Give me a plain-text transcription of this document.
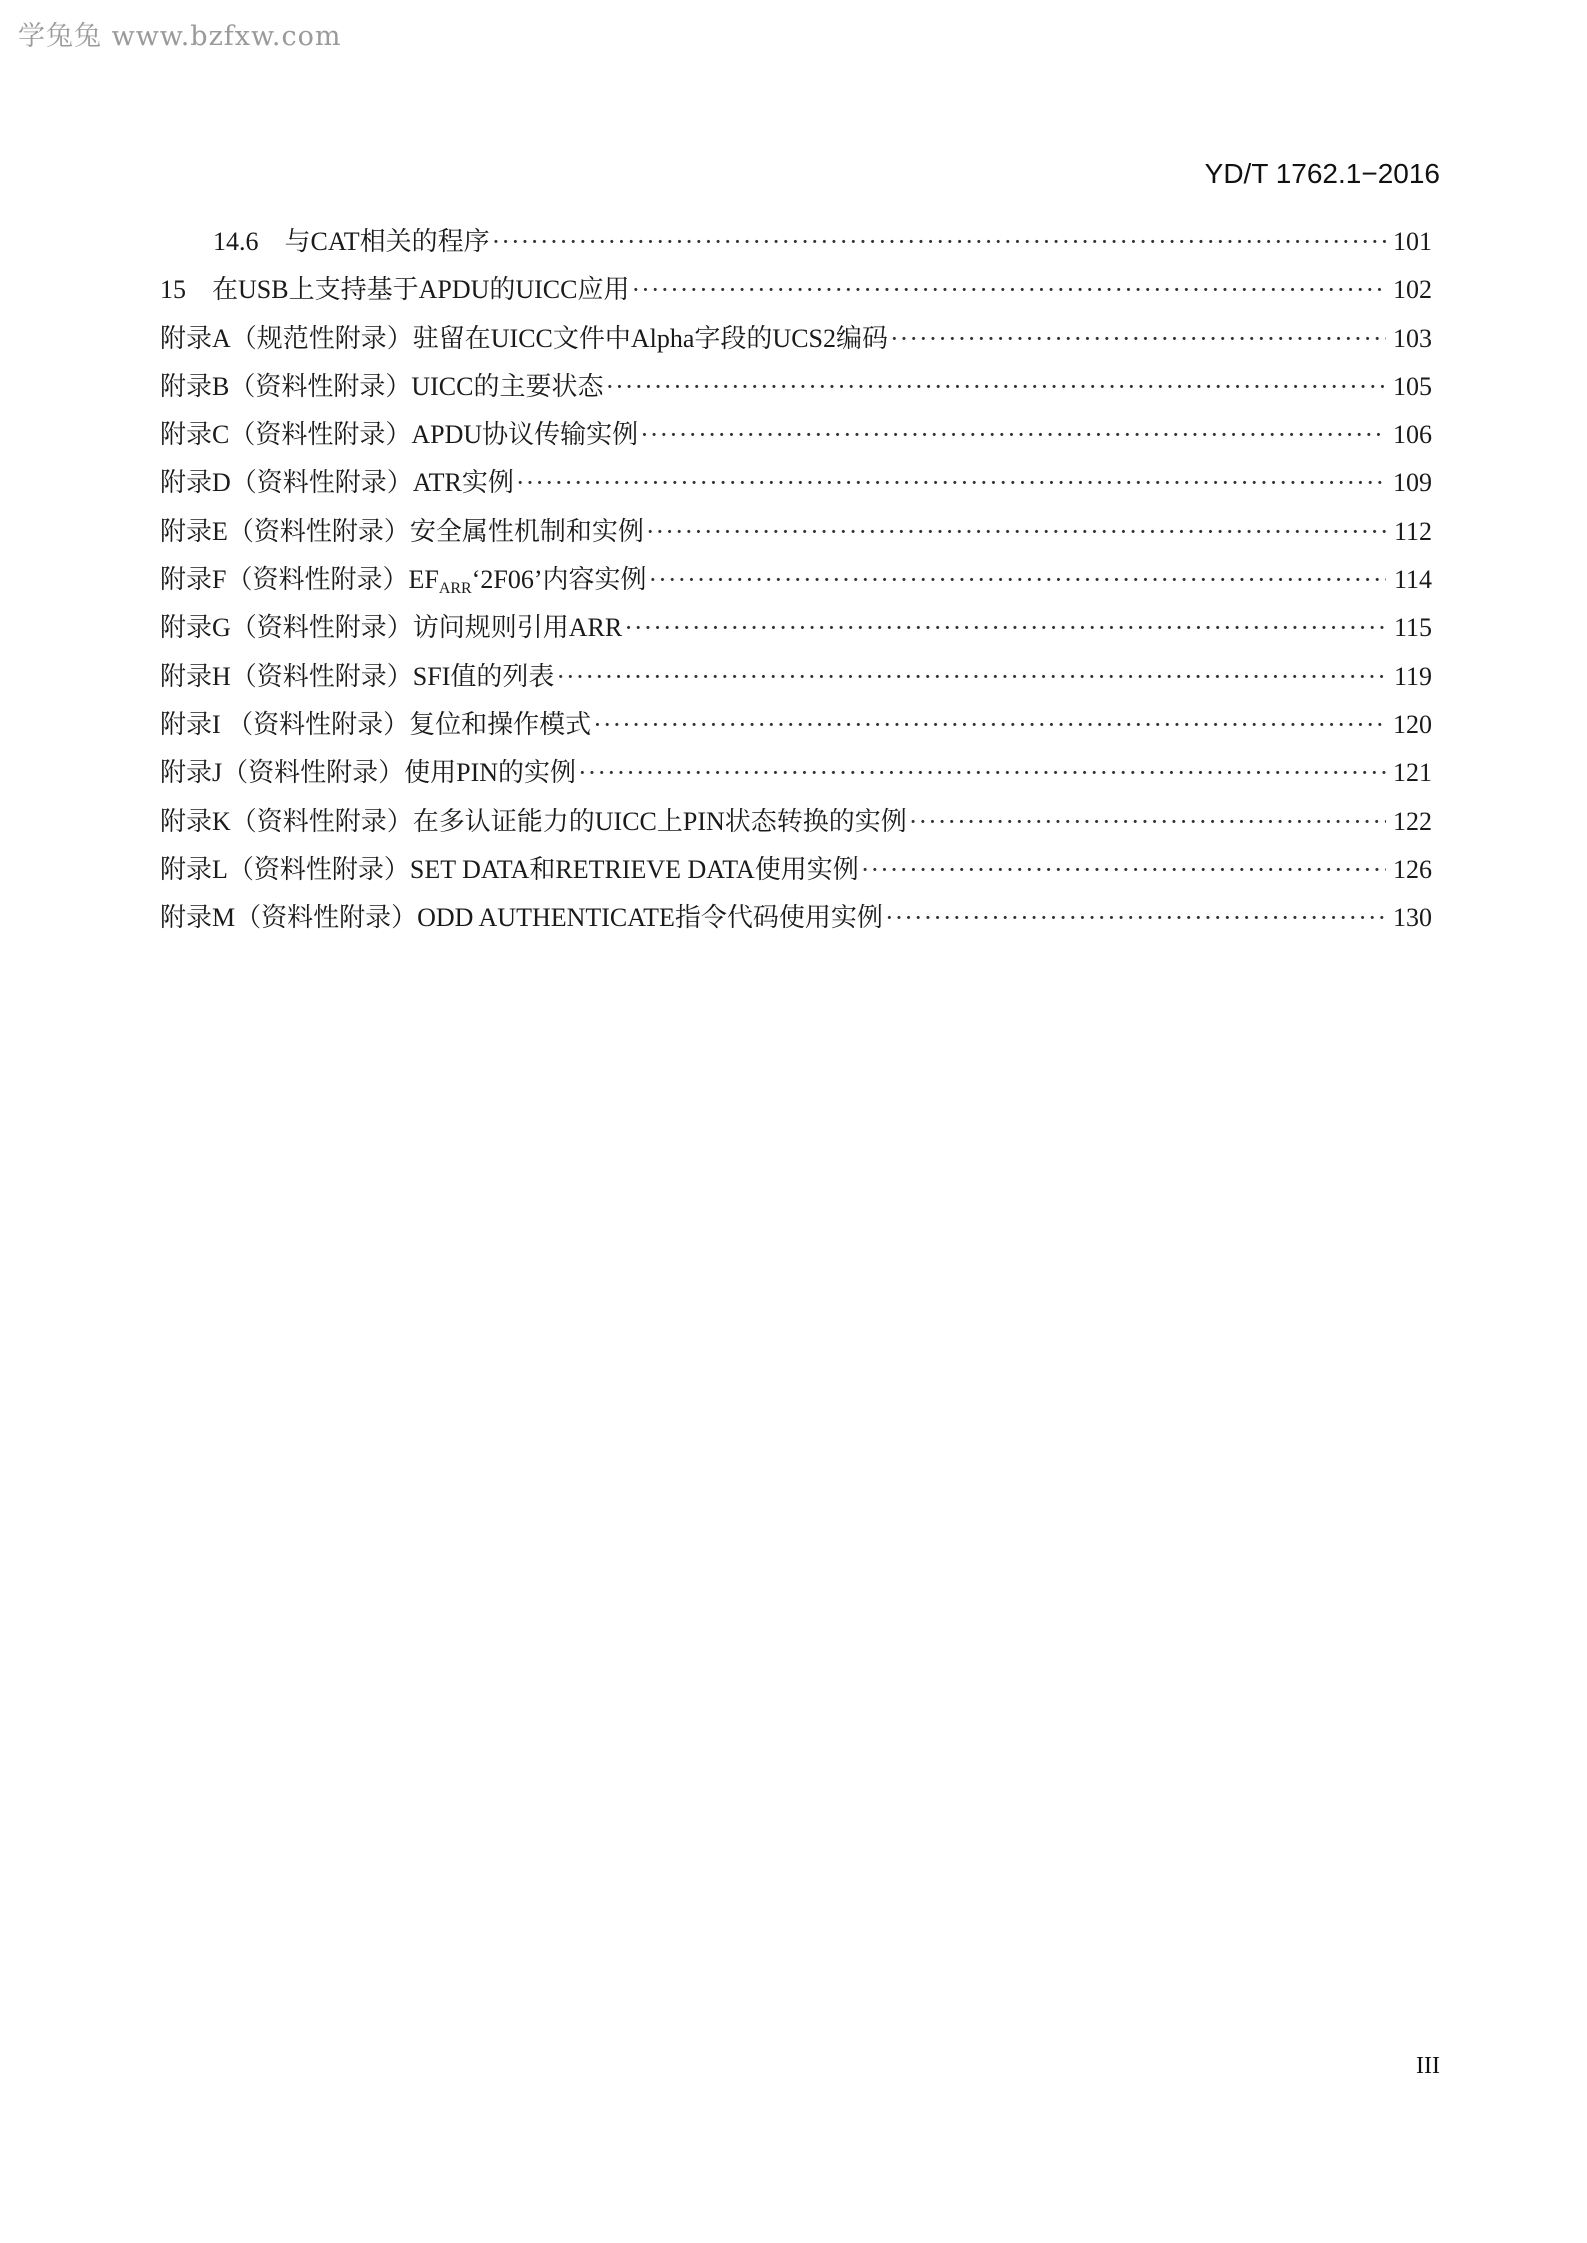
学兔兔 www.bzfxw.com
YD/T 1762.1−2016
14.6　与CAT相关的程序 ·····	101
15　在USB上支持基于APDU的UICC应用 ·····	102
附录A（规范性附录）驻留在UICC文件中Alpha字段的UCS2编码 ·····	103
附录B（资料性附录）UICC的主要状态 ·····	105
附录C（资料性附录）APDU协议传输实例 ·····	106
附录D（资料性附录）ATR实例 ·····	109
附录E（资料性附录）安全属性机制和实例 ·····	112
附录F（资料性附录）$EF_{ARR}‘2F06$’内容实例 ·····	114
附录G（资料性附录）访问规则引用ARR ·····	115
附录H（资料性附录）SFI值的列表 ·····	119
附录I （资料性附录）复位和操作模式 ·····	120
附录J（资料性附录）使用PIN的实例 ·····	121
附录K（资料性附录）在多认证能力的UICC上PIN状态转换的实例 ·····	122
附录L（资料性附录）SET DATA和RETRIEVE DATA使用实例 ·····	126
附录M（资料性附录）ODD AUTHENTICATE指令代码使用实例 ·····	130
III
